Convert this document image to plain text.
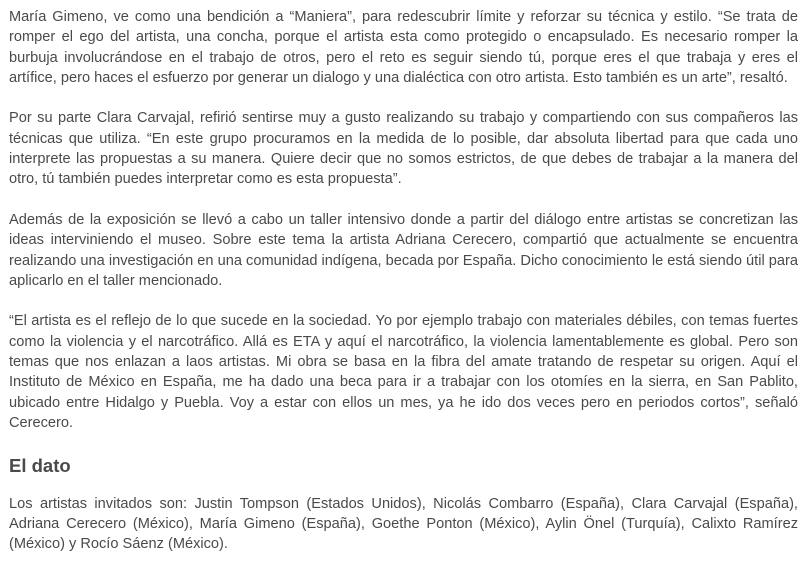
María Gimeno, ve como una bendición a “Maniera”, para redescubrir límite y reforzar su técnica y estilo. “Se trata de romper el ego del artista, una concha, porque el artista esta como protegido o encapsulado. Es necesario romper la burbuja involucrándose en el trabajo de otros, pero el reto es seguir siendo tú, porque eres el que trabaja y eres el artífice, pero haces el esfuerzo por generar un dialogo y una dialéctica con otro artista. Esto también es un arte”, resaltó.

Por su parte Clara Carvajal, refirió sentirse muy a gusto realizando su trabajo y compartiendo con sus compañeros las técnicas que utiliza. “En este grupo procuramos en la medida de lo posible, dar absoluta libertad para que cada uno interprete las propuestas a su manera. Quiere decir que no somos estrictos, de que debes de trabajar a la manera del otro, tú también puedes interpretar como es esta propuesta”.

Además de la exposición se llevó a cabo un taller intensivo donde a partir del diálogo entre artistas se concretizan las ideas interviniendo el museo. Sobre este tema la artista Adriana Cerecero, compartió que actualmente se encuentra realizando una investigación en una comunidad indígena, becada por España. Dicho conocimiento le está siendo útil para aplicarlo en el taller mencionado.

“El artista es el reflejo de lo que sucede en la sociedad. Yo por ejemplo trabajo con materiales débiles, con temas fuertes como la violencia y el narcotráfico. Allá es ETA y aquí el narcotráfico, la violencia lamentablemente es global. Pero son temas que nos enlazan a laos artistas. Mi obra se basa en la fibra del amate tratando de respetar su origen. Aquí el Instituto de México en España, me ha dado una beca para ir a trabajar con los otomíes en la sierra, en San Pablito, ubicado entre Hidalgo y Puebla. Voy a estar con ellos un mes, ya he ido dos veces pero en periodos cortos”, señaló Cerecero.

El dato

Los artistas invitados son: Justin Tompson (Estados Unidos), Nicolás Combarro (España), Clara Carvajal (España), Adriana Cerecero (México), María Gimeno (España), Goethe Ponton (México), Aylin Önel (Turquía), Calixto Ramírez (México) y Rocío Sáenz (México).
